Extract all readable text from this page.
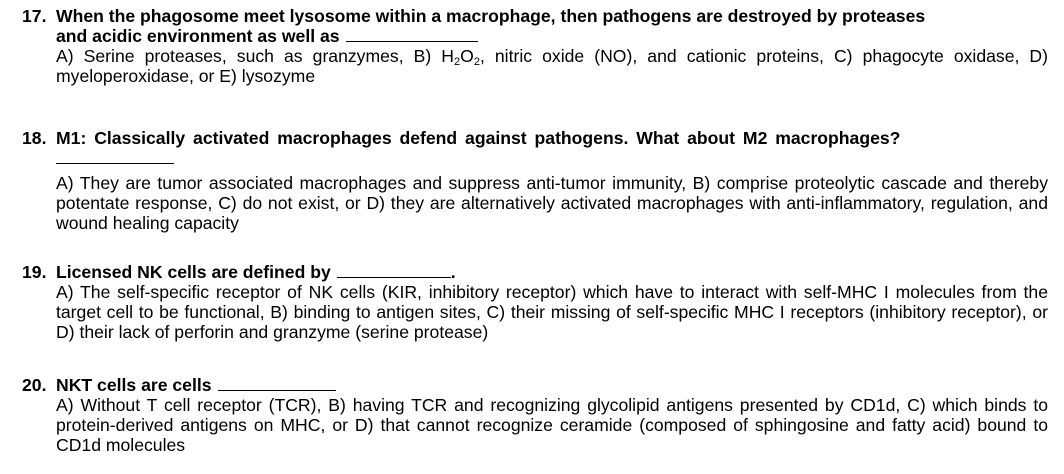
17. When the phagosome meet lysosome within a macrophage, then pathogens are destroyed by proteases
and acidic environment as well as
A) Serine proteases, such as granzymes, B) $H_2O_2$, nitric oxide (NO), and cationic proteins, C) phagocyte oxidase, D) myeloperoxidase, or E) lysozyme
18. M1: Classically activated macrophages defend against pathogens. What about M2 macrophages?
A) They are tumor associated macrophages and suppress anti-tumor immunity, B) comprise proteolytic cascade and thereby potentate response, C) do not exist, or D) they are alternatively activated macrophages with anti-inflammatory, regulation, and wound healing capacity
19. Licensed NK cells are defined by	.
A) The self-specific receptor of NK cells (KIR, inhibitory receptor) which have to interact with self-MHC I molecules from the target cell to be functional, B) binding to antigen sites, C) their missing of self-specific MHC I receptors (inhibitory receptor), or D) their lack of perforin and granzyme (serine protease)
20. NKT cells are cells
A) Without T cell receptor (TCR), B) having TCR and recognizing glycolipid antigens presented by CD1d, C) which binds to protein-derived antigens on MHC, or D) that cannot recognize ceramide (composed of sphingosine and fatty acid) bound to CD1d molecules
